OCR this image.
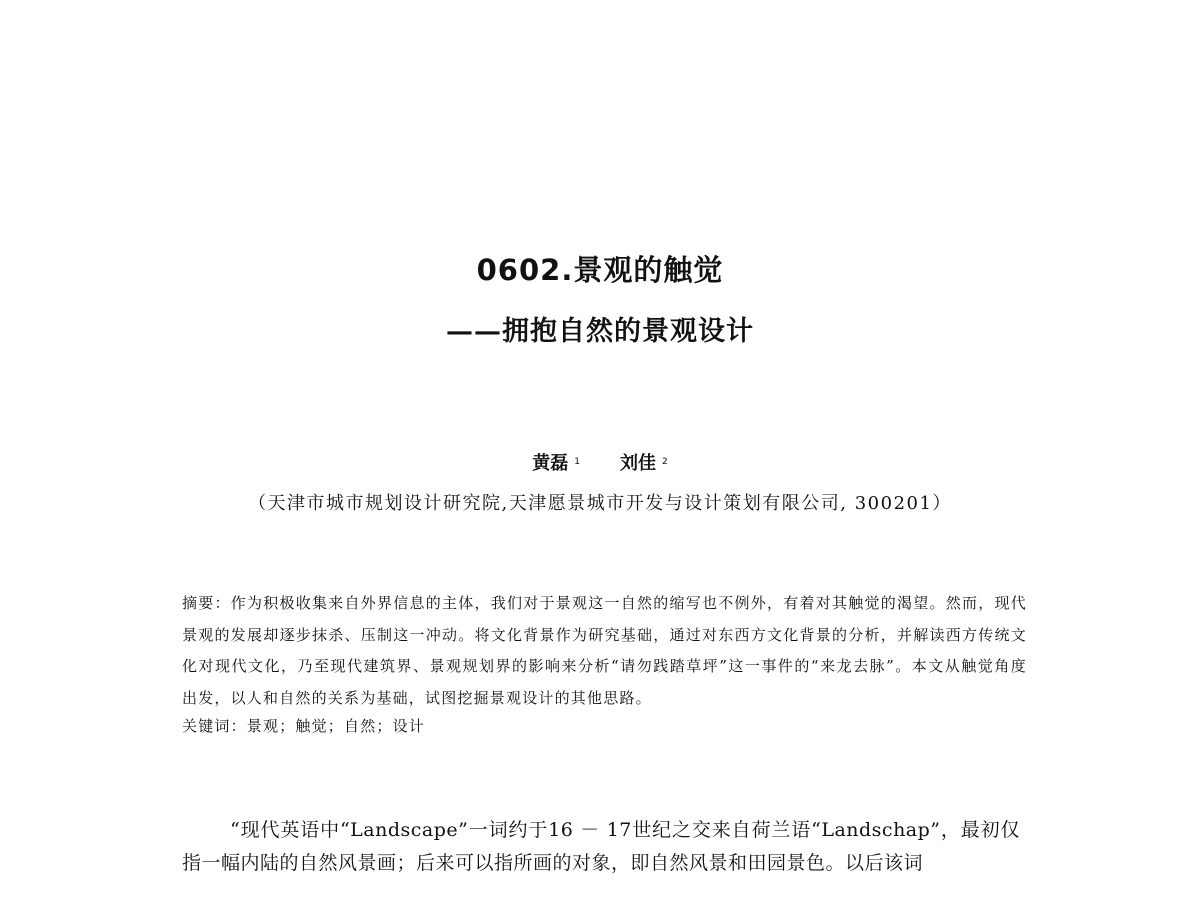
0602.景观的触觉
——拥抱自然的景观设计
黄磊 $^1$ 刘佳 $^2$
（天津市城市规划设计研究院,天津愿景城市开发与设计策划有限公司, 300201）
摘要：作为积极收集来自外界信息的主体，我们对于景观这一自然的缩写也不例外，有着对其触觉的渴望。然而，现代景观的发展却逐步抹杀、压制这一冲动。将文化背景作为研究基础，通过对东西方文化背景的分析，并解读西方传统文化对现代文化，乃至现代建筑界、景观规划界的影响来分析“请勿践踏草坪”这一事件的“来龙去脉”。本文从触觉角度出发，以人和自然的关系为基础，试图挖掘景观设计的其他思路。
关键词：景观；触觉；自然；设计

“现代英语中“Landscape”一词约于16 － 17世纪之交来自荷兰语“Landschap”，最初仅指一幅内陆的自然风景画；后来可以指所画的对象，即自然风景和田园景色。以后该词
